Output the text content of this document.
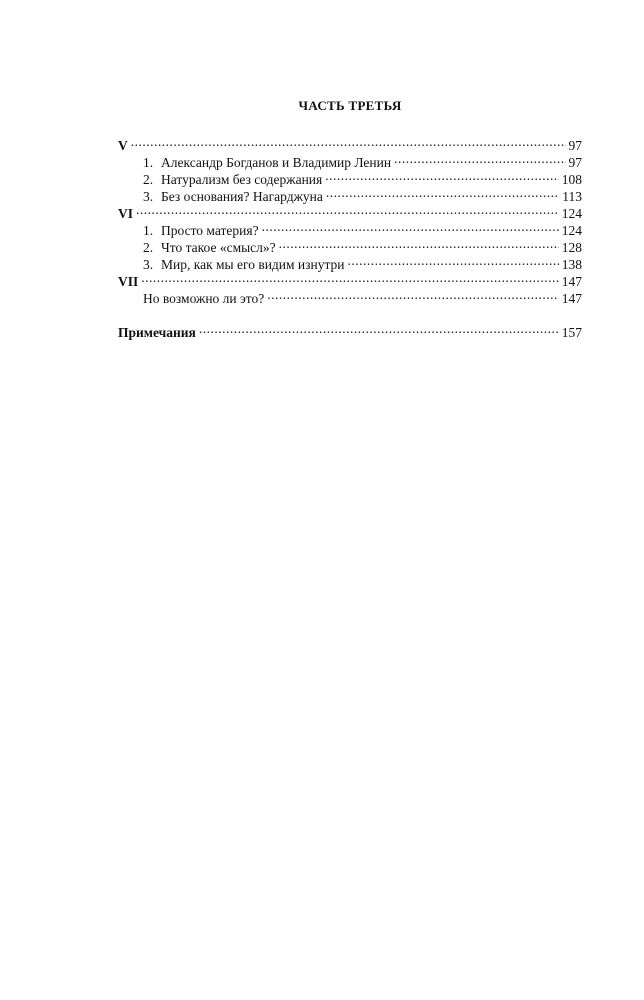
ЧАСТЬ ТРЕТЬЯ
V .....	97
1. Александр Богданов и Владимир Ленин .....	97
2. Натурализм без содержания .....	108
3. Без основания? Нагарджуна .....	113
VI .....	124
1. Просто материя? .....	124
2. Что такое «смысл»? .....	128
3. Мир, как мы его видим изнутри .....	138
VII .....	147
Но возможно ли это? .....	147
Примечания .....	157
